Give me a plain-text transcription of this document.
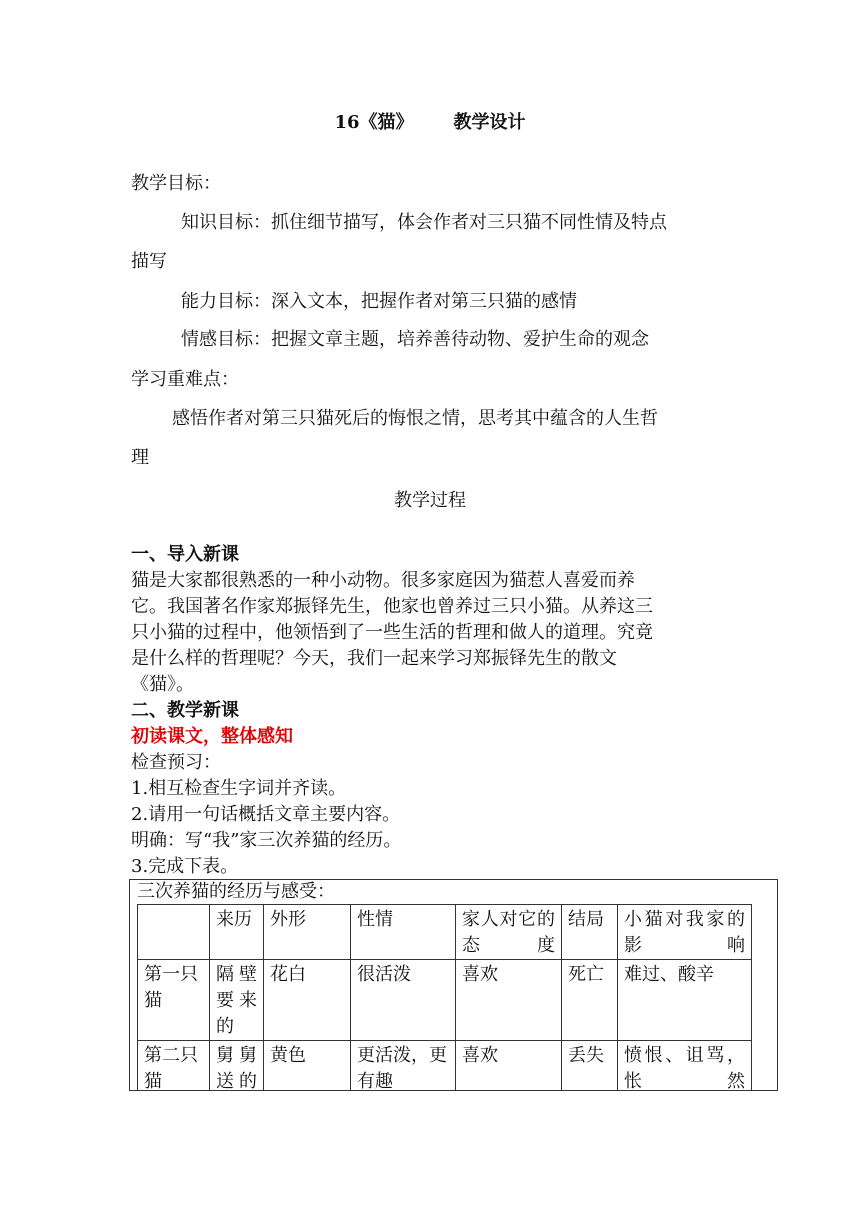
16《猫》 教学设计
教学目标：
知识目标：抓住细节描写，体会作者对三只猫不同性情及特点
描写
能力目标：深入文本，把握作者对第三只猫的感情
情感目标：把握文章主题，培养善待动物、爱护生命的观念
学习重难点：
感悟作者对第三只猫死后的悔恨之情，思考其中蕴含的人生哲
理
教学过程
一、导入新课
猫是大家都很熟悉的一种小动物。很多家庭因为猫惹人喜爱而养
它。我国著名作家郑振铎先生，他家也曾养过三只小猫。从养这三
只小猫的过程中，他领悟到了一些生活的哲理和做人的道理。究竟
是什么样的哲理呢？今天，我们一起来学习郑振铎先生的散文
《猫》。
二、教学新课
初读课文，整体感知
检查预习：
1.相互检查生字词并齐读。
2.请用一句话概括文章主要内容。
明确：写“我”家三次养猫的经历。
3.完成下表。
三次养猫的经历与感受：
	来历	外形	性情	家人对它的态度	结局	小猫对我家的影响

第一只猫	隔壁要来的	花白	很活泼	喜欢	死亡	难过、酸辛
第二只猫	舅舅送的	黄色	更活泼，更有趣	喜欢	丢失	愤恨、诅骂，怅然
